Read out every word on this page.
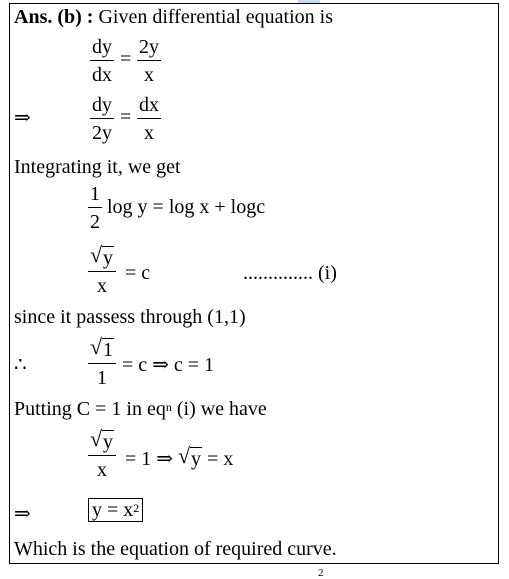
Ans. (b) : Given differential equation is
$\frac{dy}{dx} = \frac{2y}{x}$
⇒	$\frac{dy}{2y} = \frac{dx}{x}$
Integrating it, we get
$\frac{1}{2}$ log y = log x + logc
$\frac{√ y}{x} = c$	.............. (i)
since it passess through (1,1)
∴	$\frac{√ 1}{1} = c$ ⇒ c = 1
Putting C = 1 in $eq^n$ (i) we have
$\frac{√ y}{x} = 1$ ⇒ √ y = x
⇒	$y = x^2$
Which is the equation of required curve.
2
